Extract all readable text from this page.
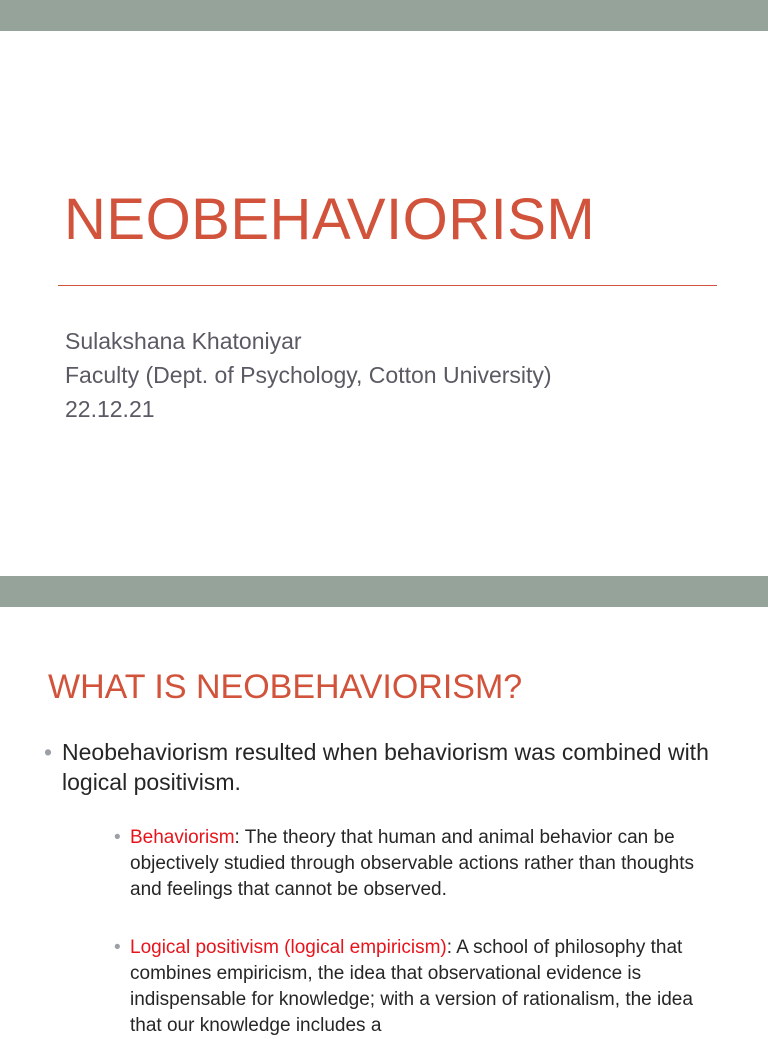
NEOBEHAVIORISM
Sulakshana Khatoniyar
Faculty (Dept. of Psychology, Cotton University)
22.12.21
WHAT IS NEOBEHAVIORISM?
• Neobehaviorism resulted when behaviorism was combined with logical positivism.
• Behaviorism: The theory that human and animal behavior can be objectively studied through observable actions rather than thoughts and feelings that cannot be observed.
• Logical positivism (logical empiricism): A school of philosophy that combines empiricism, the idea that observational evidence is indispensable for knowledge; with a version of rationalism, the idea that our knowledge includes a
